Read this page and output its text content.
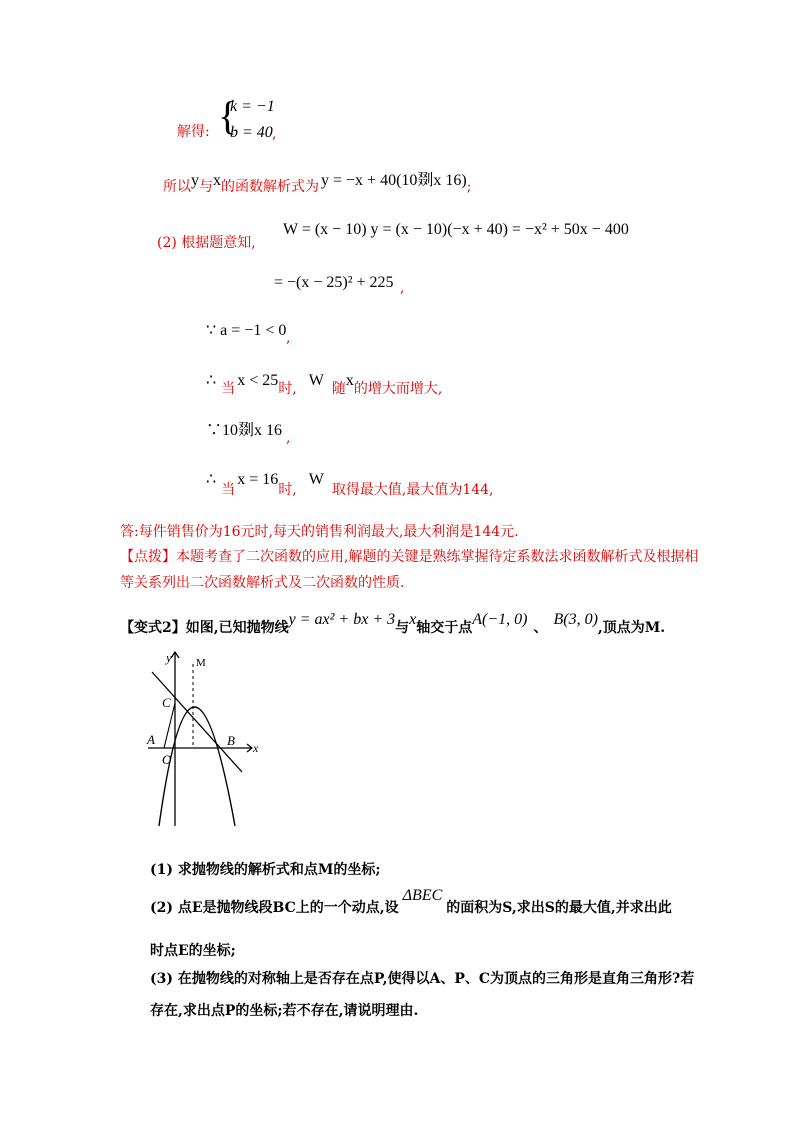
解得: {
k = −1
b = 40 ,
所以y与x的函数解析式为 y = −x + 40(10剟x 16);
(2) 根据题意知,
W = (x − 10) y = (x − 10)(−x + 40) = −x² + 50x − 400
= −(x − 25)² + 225 ,
∵ a = −1 < 0 ,
∴ 当 x < 25时, W 随x的增大而增大,
∵10剟x 16 ,
∴ 当x = 16时,W取得最大值,最大值为144,
答:每件销售价为16元时,每天的销售利润最大,最大利润是144元.
【点拨】本题考查了二次函数的应用,解题的关键是熟练掌握待定系数法求函数解析式及根据相
等关系列出二次函数解析式及二次函数的性质.
【变式2】如图,已知抛物线y = ax² + bx + 3与x轴交于点A(−1, 0) 、 B(3, 0),顶点为M.
y M
C
A
O
B x
(1) 求抛物线的解析式和点M的坐标;
(2) 点E是抛物线段BC上的一个动点,设ΔBEC的面积为S,求出S的最大值,并求出此
时点E的坐标;
(3) 在抛物线的对称轴上是否存在点P,使得以A、P、C为顶点的三角形是直角三角形?若
存在,求出点P的坐标;若不存在,请说明理由.
